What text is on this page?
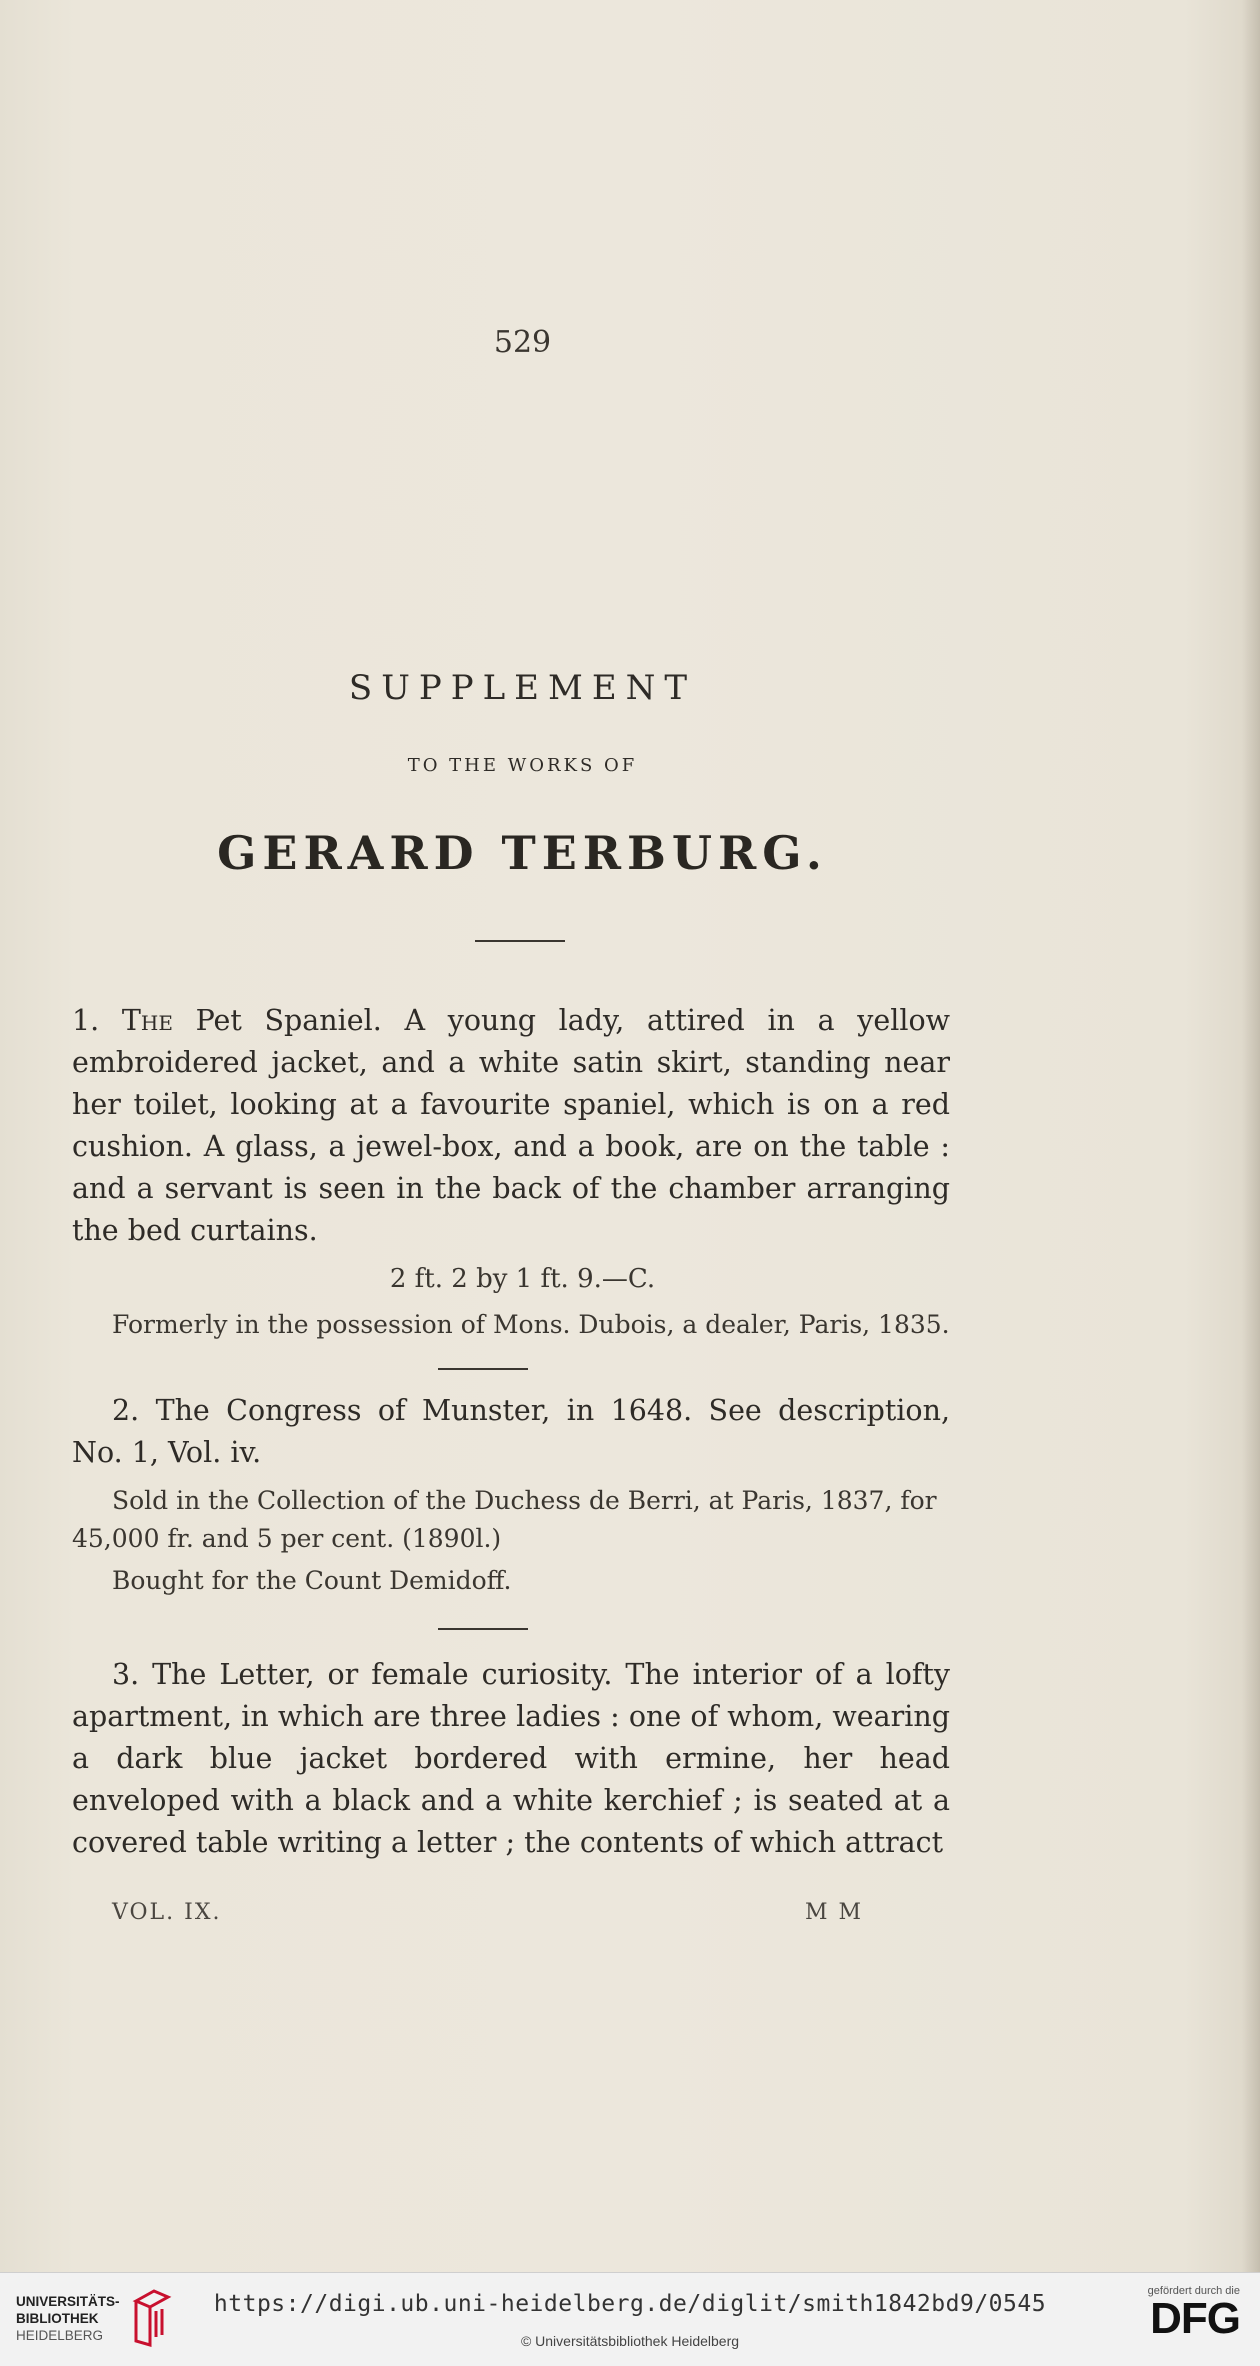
529
SUPPLEMENT
TO THE WORKS OF
GERARD TERBURG.

1. The Pet Spaniel. A young lady, attired in a yellow embroidered jacket, and a white satin skirt, standing near her toilet, looking at a favourite spaniel, which is on a red cushion. A glass, a jewel-box, and a book, are on the table : and a servant is seen in the back of the chamber arranging the bed curtains.

2 ft. 2 by 1 ft. 9.—C.

Formerly in the possession of Mons. Dubois, a dealer, Paris, 1835.

2. The Congress of Munster, in 1648. See description, No. 1, Vol. iv.

Sold in the Collection of the Duchess de Berri, at Paris, 1837, for 45,000 fr. and 5 per cent. (1890l.)

Bought for the Count Demidoff.

3. The Letter, or female curiosity. The interior of a lofty apartment, in which are three ladies : one of whom, wearing a dark blue jacket bordered with ermine, her head enveloped with a black and a white kerchief ; is seated at a covered table writing a letter ; the contents of which attract

VOL. IX.	M M
UNIVERSITÄTS-
BIBLIOTHEK
HEIDELBERG
https://digi.ub.uni-heidelberg.de/diglit/smith1842bd9/0545
© Universitätsbibliothek Heidelberg
gefördert durch die
DFG
